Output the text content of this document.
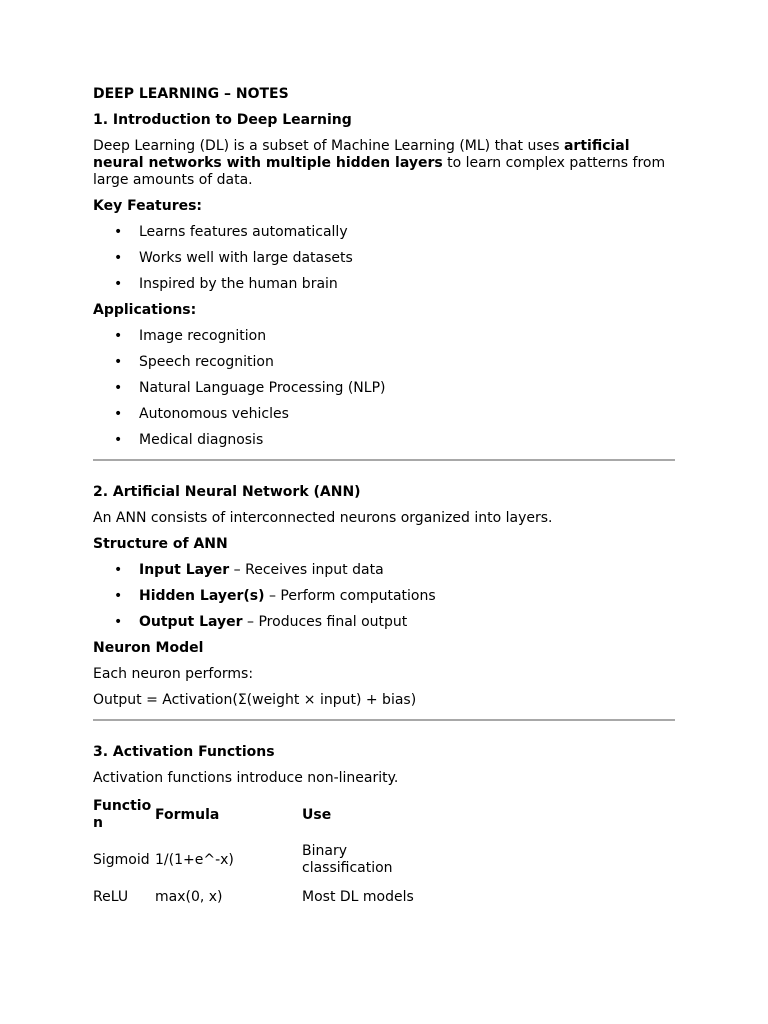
DEEP LEARNING – NOTES

1. Introduction to Deep Learning

Deep Learning (DL) is a subset of Machine Learning (ML) that uses artificial neural networks with multiple hidden layers to learn complex patterns from large amounts of data.

Key Features:

• Learns features automatically
• Works well with large datasets
• Inspired by the human brain

Applications:

• Image recognition
• Speech recognition
• Natural Language Processing (NLP)
• Autonomous vehicles
• Medical diagnosis

2. Artificial Neural Network (ANN)

An ANN consists of interconnected neurons organized into layers.

Structure of ANN

• Input Layer – Receives input data
• Hidden Layer(s) – Perform computations
• Output Layer – Produces final output

Neuron Model

Each neuron performs:

Output = Activation(Σ(weight × input) + bias)

3. Activation Functions

Activation functions introduce non-linearity.

Functio
n	Formula	Use
Sigmoid	1/(1+e^-x)	Binary
classification
ReLU	max(0, x)	Most DL models
